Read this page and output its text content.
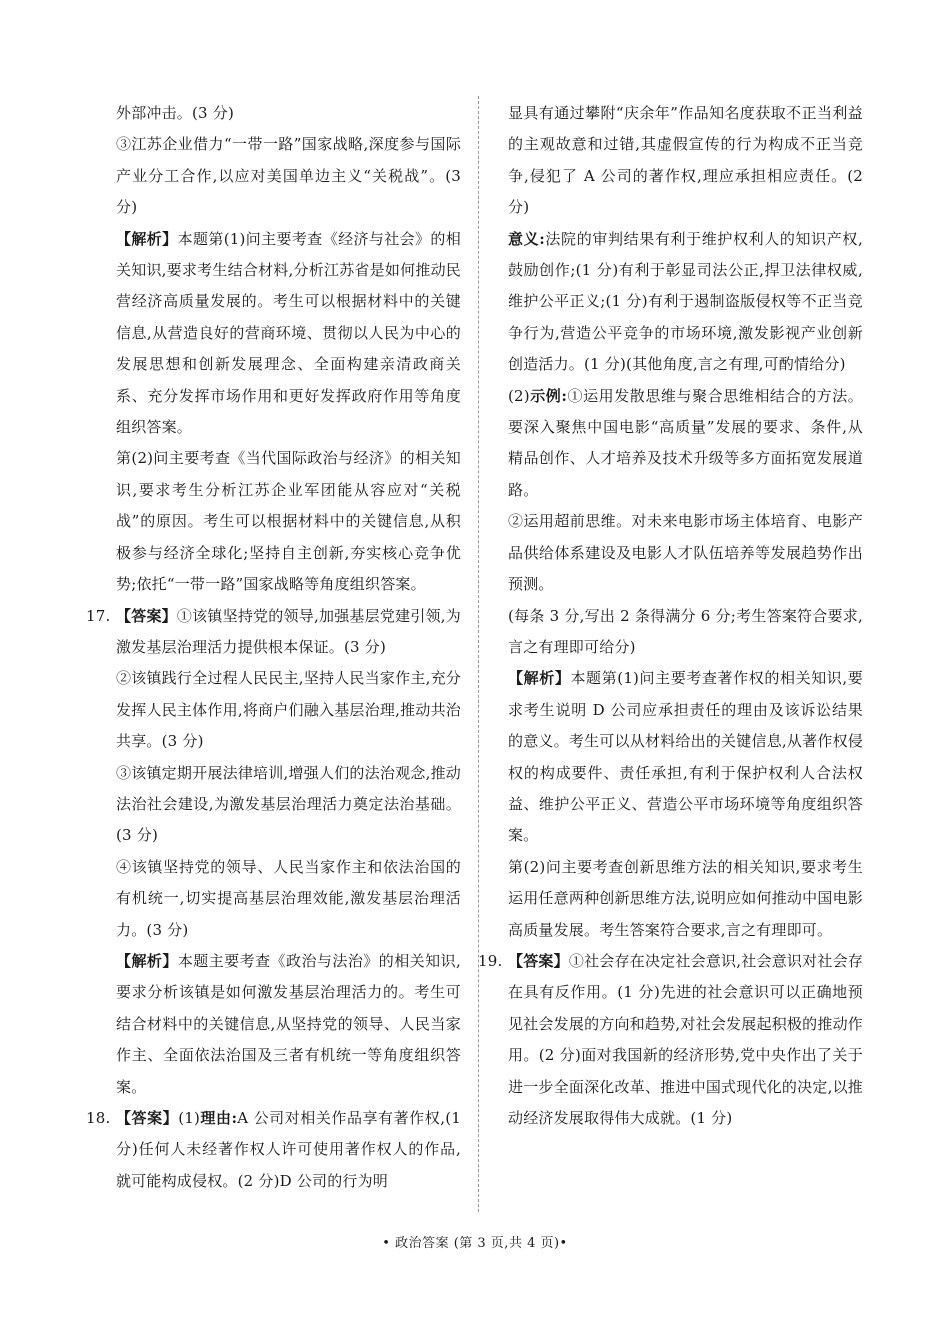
外部冲击。(3 分)

③江苏企业借力“一带一路”国家战略,深度参与国际产业分工合作,以应对美国单边主义“关税战”。(3 分)

【解析】本题第(1)问主要考查《经济与社会》的相关知识,要求考生结合材料,分析江苏省是如何推动民营经济高质量发展的。考生可以根据材料中的关键信息,从营造良好的营商环境、贯彻以人民为中心的发展思想和创新发展理念、全面构建亲清政商关系、充分发挥市场作用和更好发挥政府作用等角度组织答案。

第(2)问主要考查《当代国际政治与经济》的相关知识,要求考生分析江苏企业军团能从容应对“关税战”的原因。考生可以根据材料中的关键信息,从积极参与经济全球化;坚持自主创新,夯实核心竞争优势;依托“一带一路”国家战略等角度组织答案。

17. 【答案】①该镇坚持党的领导,加强基层党建引领,为激发基层治理活力提供根本保证。(3 分)

②该镇践行全过程人民民主,坚持人民当家作主,充分发挥人民主体作用,将商户们融入基层治理,推动共治共享。(3 分)

③该镇定期开展法律培训,增强人们的法治观念,推动法治社会建设,为激发基层治理活力奠定法治基础。(3 分)

④该镇坚持党的领导、人民当家作主和依法治国的有机统一,切实提高基层治理效能,激发基层治理活力。(3 分)

【解析】本题主要考查《政治与法治》的相关知识,要求分析该镇是如何激发基层治理活力的。考生可结合材料中的关键信息,从坚持党的领导、人民当家作主、全面依法治国及三者有机统一等角度组织答案。

18. 【答案】(1)理由:A 公司对相关作品享有著作权,(1 分)任何人未经著作权人许可使用著作权人的作品,就可能构成侵权。(2 分)D 公司的行为明

显具有通过攀附“庆余年”作品知名度获取不正当利益的主观故意和过错,其虚假宣传的行为构成不正当竞争,侵犯了 A 公司的著作权,理应承担相应责任。(2 分)

意义:法院的审判结果有利于维护权利人的知识产权,鼓励创作;(1 分)有利于彰显司法公正,捍卫法律权威,维护公平正义;(1 分)有利于遏制盗版侵权等不正当竞争行为,营造公平竞争的市场环境,激发影视产业创新创造活力。(1 分)(其他角度,言之有理,可酌情给分)

(2)示例:①运用发散思维与聚合思维相结合的方法。要深入聚焦中国电影“高质量”发展的要求、条件,从精品创作、人才培养及技术升级等多方面拓宽发展道路。

②运用超前思维。对未来电影市场主体培育、电影产品供给体系建设及电影人才队伍培养等发展趋势作出预测。

(每条 3 分,写出 2 条得满分 6 分;考生答案符合要求,言之有理即可给分)

【解析】本题第(1)问主要考查著作权的相关知识,要求考生说明 D 公司应承担责任的理由及该诉讼结果的意义。考生可以从材料给出的关键信息,从著作权侵权的构成要件、责任承担,有利于保护权利人合法权益、维护公平正义、营造公平市场环境等角度组织答案。

第(2)问主要考查创新思维方法的相关知识,要求考生运用任意两种创新思维方法,说明应如何推动中国电影高质量发展。考生答案符合要求,言之有理即可。

19. 【答案】①社会存在决定社会意识,社会意识对社会存在具有反作用。(1 分)先进的社会意识可以正确地预见社会发展的方向和趋势,对社会发展起积极的推动作用。(2 分)面对我国新的经济形势,党中央作出了关于进一步全面深化改革、推进中国式现代化的决定,以推动经济发展取得伟大成就。(1 分)

• 政治答案 (第 3 页,共 4 页)•
